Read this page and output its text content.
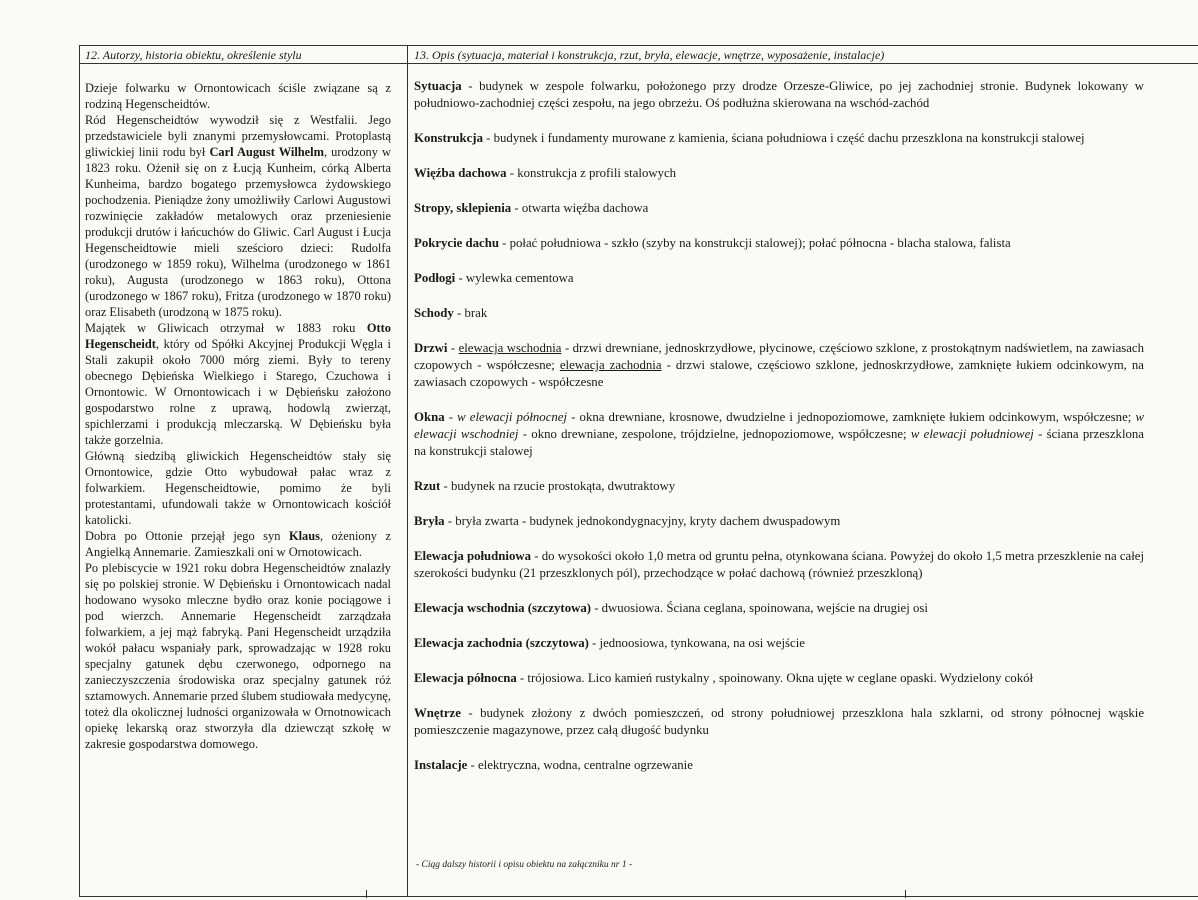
12. Autorzy, historia obiektu, określenie stylu	13. Opis (sytuacja, materiał i konstrukcja, rzut, bryła, elewacje, wnętrze, wyposażenie, instalacje)

Dzieje folwarku w Ornontowicach ściśle związane są z rodziną Hegenscheidtów.

Ród Hegenscheidtów wywodził się z Westfalii. Jego przedstawiciele byli znanymi przemysłowcami. Protoplastą gliwickiej linii rodu był Carl August Wilhelm, urodzony w 1823 roku. Ożenił się on z Łucją Kunheim, córką Alberta Kunheima, bardzo bogatego przemysłowca żydowskiego pochodzenia. Pieniądze żony umożliwiły Carlowi Augustowi rozwinięcie zakładów metalowych oraz przeniesienie produkcji drutów i łańcuchów do Gliwic. Carl August i Łucja Hegenscheidtowie mieli sześcioro dzieci: Rudolfa (urodzonego w 1859 roku), Wilhelma (urodzonego w 1861 roku), Augusta (urodzonego w 1863 roku), Ottona (urodzonego w 1867 roku), Fritza (urodzonego w 1870 roku) oraz Elisabeth (urodzoną w 1875 roku).

Majątek w Gliwicach otrzymał w 1883 roku Otto Hegenscheidt, który od Spółki Akcyjnej Produkcji Węgla i Stali zakupił około 7000 mórg ziemi. Były to tereny obecnego Dębieńska Wielkiego i Starego, Czuchowa i Ornontowic. W Ornontowicach i w Dębieńsku założono gospodarstwo rolne z uprawą, hodowlą zwierząt, spichlerzami i produkcją mleczarską. W Dębieńsku była także gorzelnia.

Główną siedzibą gliwickich Hegenscheidtów stały się Ornontowice, gdzie Otto wybudował pałac wraz z folwarkiem. Hegenscheidtowie, pomimo że byli protestantami, ufundowali także w Ornontowicach kościół katolicki.

Dobra po Ottonie przejął jego syn Klaus, ożeniony z Angielką Annemarie. Zamieszkali oni w Ornotowicach.

Po plebiscycie w 1921 roku dobra Hegenscheidtów znalazły się po polskiej stronie. W Dębieńsku i Ornontowicach nadal hodowano wysoko mleczne bydło oraz konie pociągowe i pod wierzch. Annemarie Hegenscheidt zarządzała folwarkiem, a jej mąż fabryką. Pani Hegenscheidt urządziła wokół pałacu wspaniały park, sprowadzając w 1928 roku specjalny gatunek dębu czerwonego, odpornego na zanieczyszczenia środowiska oraz specjalny gatunek róż sztamowych. Annemarie przed ślubem studiowała medycynę, toteż dla okolicznej ludności organizowała w Ornotnowicach opiekę lekarską oraz stworzyła dla dziewcząt szkołę w zakresie gospodarstwa domowego.

Sytuacja - budynek w zespole folwarku, położonego przy drodze Orzesze-Gliwice, po jej zachodniej stronie. Budynek lokowany w południowo-zachodniej części zespołu, na jego obrzeżu. Oś podłużna skierowana na wschód-zachód
Konstrukcja - budynek i fundamenty murowane z kamienia, ściana południowa i część dachu przeszklona na konstrukcji stalowej
Więźba dachowa - konstrukcja z profili stalowych
Stropy, sklepienia - otwarta więźba dachowa
Pokrycie dachu - połać południowa - szkło (szyby na konstrukcji stalowej); połać północna - blacha stalowa, falista
Podłogi - wylewka cementowa
Schody - brak
Drzwi - elewacja wschodnia - drzwi drewniane, jednoskrzydłowe, płycinowe, częściowo szklone, z prostokątnym nadświetlem, na zawiasach czopowych - współczesne; elewacja zachodnia - drzwi stalowe, częściowo szklone, jednoskrzydłowe, zamknięte łukiem odcinkowym, na zawiasach czopowych - współczesne
Okna - w elewacji północnej - okna drewniane, krosnowe, dwudzielne i jednopoziomowe, zamknięte łukiem odcinkowym, współczesne; w elewacji wschodniej - okno drewniane, zespolone, trójdzielne, jednopoziomowe, współczesne; w elewacji południowej - ściana przeszklona na konstrukcji stalowej
Rzut - budynek na rzucie prostokąta, dwutraktowy
Bryła - bryła zwarta - budynek jednokondygnacyjny, kryty dachem dwuspadowym
Elewacja południowa - do wysokości około 1,0 metra od gruntu pełna, otynkowana ściana. Powyżej do około 1,5 metra przeszklenie na całej szerokości budynku (21 przeszklonych pól), przechodzące w połać dachową (również przeszkloną)
Elewacja wschodnia (szczytowa) - dwuosiowa. Ściana ceglana, spoinowana, wejście na drugiej osi
Elewacja zachodnia (szczytowa) - jednoosiowa, tynkowana, na osi wejście
Elewacja północna - trójosiowa. Lico kamień rustykalny , spoinowany. Okna ujęte w ceglane opaski. Wydzielony cokół
Wnętrze - budynek złożony z dwóch pomieszczeń, od strony południowej przeszklona hala szklarni, od strony północnej wąskie pomieszczenie magazynowe, przez całą długość budynku
Instalacje - elektryczna, wodna, centralne ogrzewanie
- Ciąg dalszy historii i opisu obiektu na załączniku nr 1 -
